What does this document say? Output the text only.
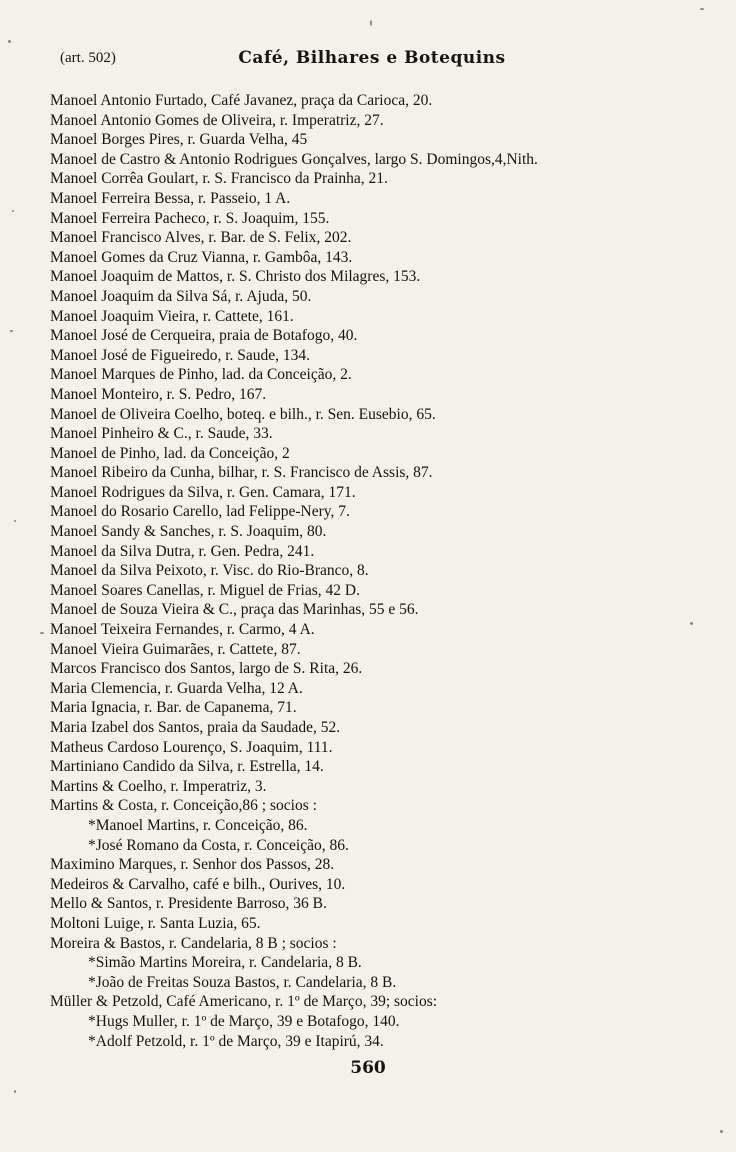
(art. 502)	Café, Bilhares e Botequins
Manoel Antonio Furtado, Café Javanez, praça da Carioca, 20.
Manoel Antonio Gomes de Oliveira, r. Imperatriz, 27.
Manoel Borges Pires, r. Guarda Velha, 45
Manoel de Castro & Antonio Rodrigues Gonçalves, largo S. Domingos,4,Nith.
Manoel Corrêa Goulart, r. S. Francisco da Prainha, 21.
Manoel Ferreira Bessa, r. Passeio, 1 A.
Manoel Ferreira Pacheco, r. S. Joaquim, 155.
Manoel Francisco Alves, r. Bar. de S. Felix, 202.
Manoel Gomes da Cruz Vianna, r. Gambôa, 143.
Manoel Joaquim de Mattos, r. S. Christo dos Milagres, 153.
Manoel Joaquim da Silva Sá, r. Ajuda, 50.
Manoel Joaquim Vieira, r. Cattete, 161.
Manoel José de Cerqueira, praia de Botafogo, 40.
Manoel José de Figueiredo, r. Saude, 134.
Manoel Marques de Pinho, lad. da Conceição, 2.
Manoel Monteiro, r. S. Pedro, 167.
Manoel de Oliveira Coelho, boteq. e bilh., r. Sen. Eusebio, 65.
Manoel Pinheiro & C., r. Saude, 33.
Manoel de Pinho, lad. da Conceição, 2
Manoel Ribeiro da Cunha, bilhar, r. S. Francisco de Assis, 87.
Manoel Rodrigues da Silva, r. Gen. Camara, 171.
Manoel do Rosario Carello, lad Felippe-Nery, 7.
Manoel Sandy & Sanches, r. S. Joaquim, 80.
Manoel da Silva Dutra, r. Gen. Pedra, 241.
Manoel da Silva Peixoto, r. Visc. do Rio-Branco, 8.
Manoel Soares Canellas, r. Miguel de Frias, 42 D.
Manoel de Souza Vieira & C., praça das Marinhas, 55 e 56.
Manoel Teixeira Fernandes, r. Carmo, 4 A.
Manoel Vieira Guimarães, r. Cattete, 87.
Marcos Francisco dos Santos, largo de S. Rita, 26.
Maria Clemencia, r. Guarda Velha, 12 A.
Maria Ignacia, r. Bar. de Capanema, 71.
Maria Izabel dos Santos, praia da Saudade, 52.
Matheus Cardoso Lourenço, S. Joaquim, 111.
Martiniano Candido da Silva, r. Estrella, 14.
Martins & Coelho, r. Imperatriz, 3.
Martins & Costa, r. Conceição,86 ; socios :
*Manoel Martins, r. Conceição, 86.
*José Romano da Costa, r. Conceição, 86.
Maximino Marques, r. Senhor dos Passos, 28.
Medeiros & Carvalho, café e bilh., Ourives, 10.
Mello & Santos, r. Presidente Barroso, 36 B.
Moltoni Luige, r. Santa Luzia, 65.
Moreira & Bastos, r. Candelaria, 8 B ; socios :
*Simão Martins Moreira, r. Candelaria, 8 B.
*João de Freitas Souza Bastos, r. Candelaria, 8 B.
Müller & Petzold, Café Americano, r. 1º de Março, 39; socios:
*Hugs Muller, r. 1º de Março, 39 e Botafogo, 140.
*Adolf Petzold, r. 1º de Março, 39 e Itapirú, 34.
560
